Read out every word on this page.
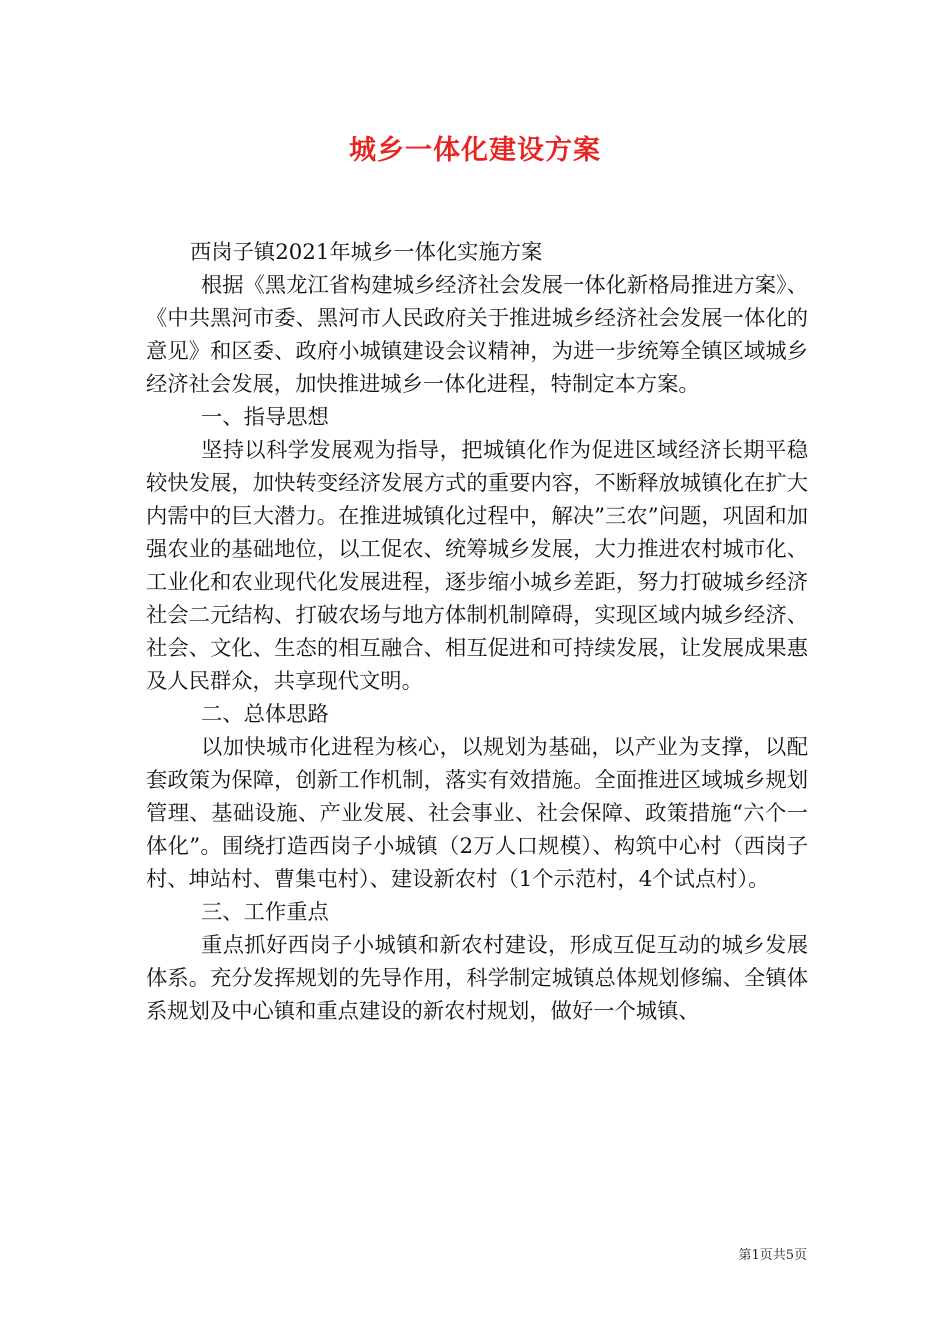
城乡一体化建设方案

西岗子镇2021年城乡一体化实施方案

根据《黑龙江省构建城乡经济社会发展一体化新格局推进方案》、《中共黑河市委、黑河市人民政府关于推进城乡经济社会发展一体化的意见》和区委、政府小城镇建设会议精神，为进一步统筹全镇区域城乡经济社会发展，加快推进城乡一体化进程，特制定本方案。

一、指导思想

坚持以科学发展观为指导，把城镇化作为促进区域经济长期平稳较快发展，加快转变经济发展方式的重要内容，不断释放城镇化在扩大内需中的巨大潜力。在推进城镇化过程中，解决”三农”问题，巩固和加强农业的基础地位，以工促农、统筹城乡发展，大力推进农村城市化、工业化和农业现代化发展进程，逐步缩小城乡差距，努力打破城乡经济社会二元结构、打破农场与地方体制机制障碍，实现区域内城乡经济、社会、文化、生态的相互融合、相互促进和可持续发展，让发展成果惠及人民群众，共享现代文明。

二、总体思路

以加快城市化进程为核心，以规划为基础，以产业为支撑，以配套政策为保障，创新工作机制，落实有效措施。全面推进区域城乡规划管理、基础设施、产业发展、社会事业、社会保障、政策措施“六个一体化”。围绕打造西岗子小城镇（2万人口规模）、构筑中心村（西岗子村、坤站村、曹集屯村）、建设新农村（1个示范村，4个试点村）。

三、工作重点

重点抓好西岗子小城镇和新农村建设，形成互促互动的城乡发展体系。充分发挥规划的先导作用，科学制定城镇总体规划修编、全镇体系规划及中心镇和重点建设的新农村规划，做好一个城镇、

第1页共5页
